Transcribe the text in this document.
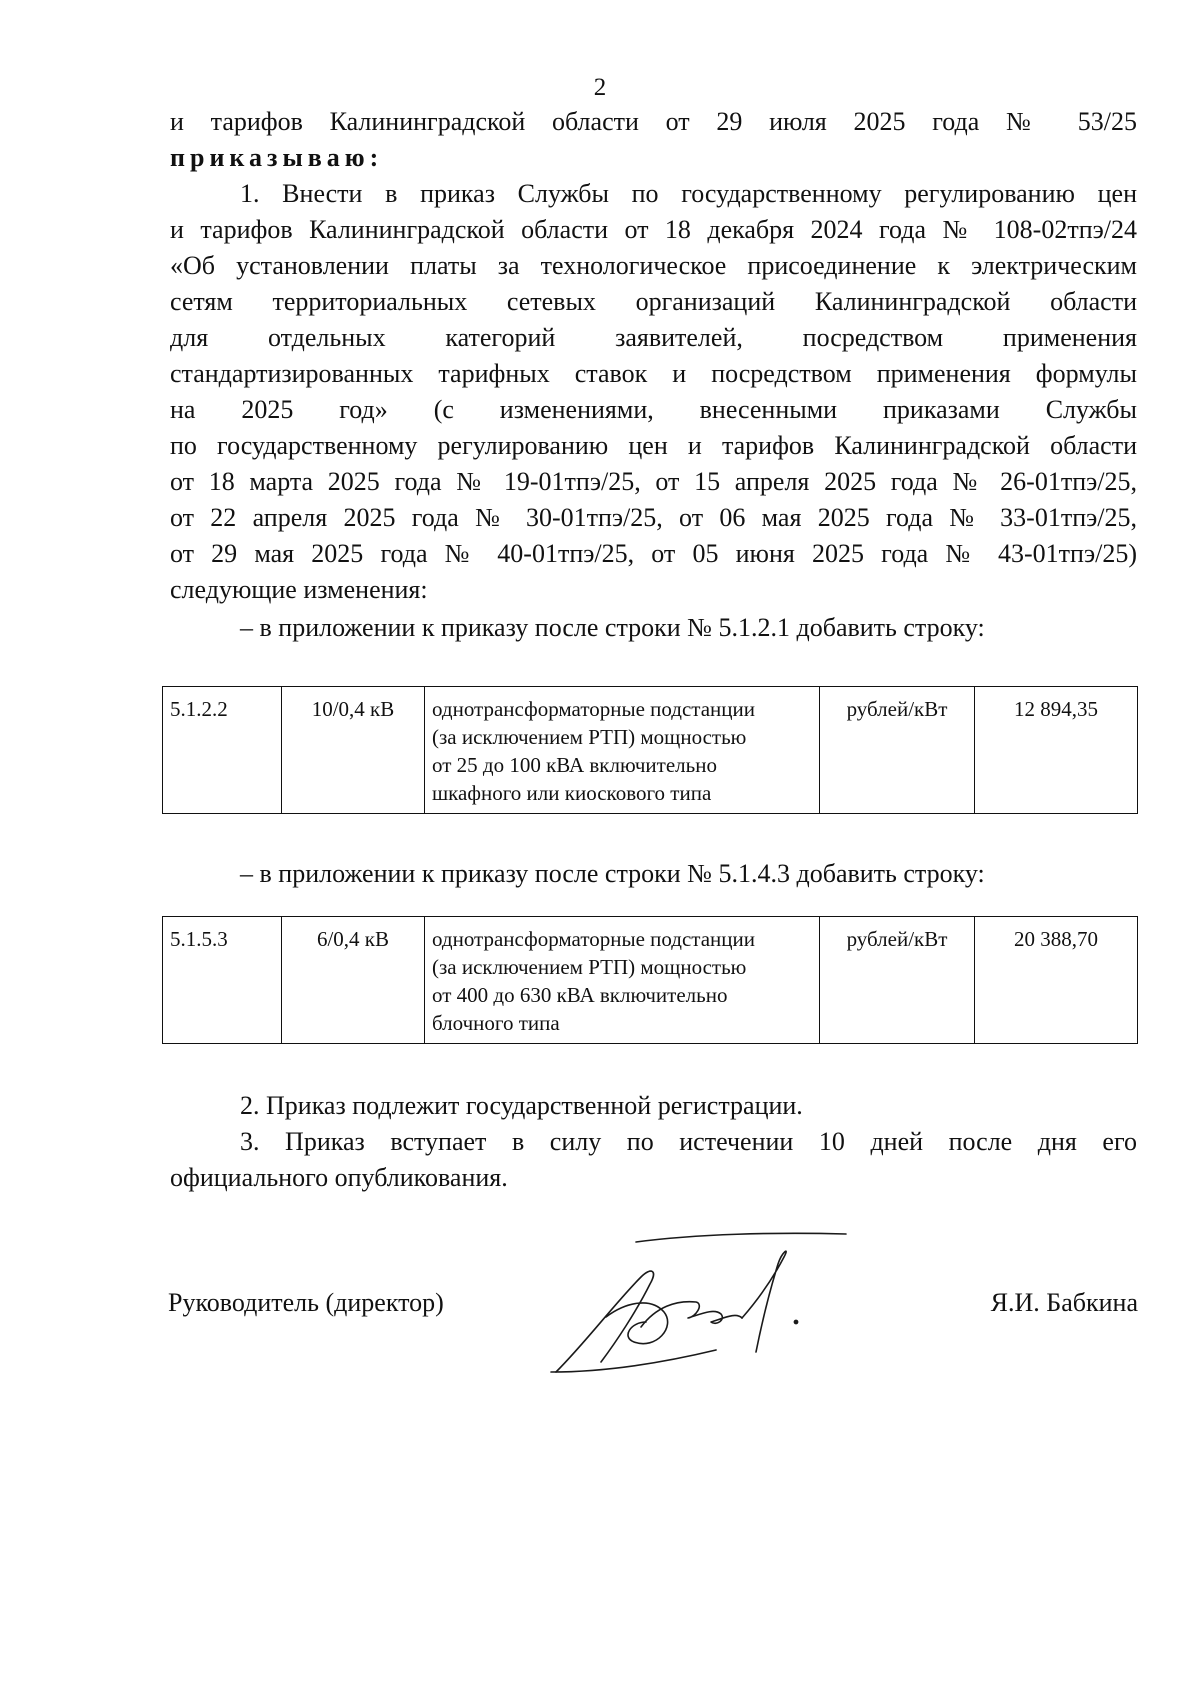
2

и тарифов Калининградской области от 29 июля 2025 года № 53/25

приказываю:

1. Внести в приказ Службы по государственному регулированию цен

и тарифов Калининградской области от 18 декабря 2024 года № 108-02тпэ/24

«Об установлении платы за технологическое присоединение к электрическим

сетям территориальных сетевых организаций Калининградской области

для отдельных категорий заявителей, посредством применения

стандартизированных тарифных ставок и посредством применения формулы

на 2025 год» (с изменениями, внесенными приказами Службы

по государственному регулированию цен и тарифов Калининградской области

от 18 марта 2025 года № 19-01тпэ/25, от 15 апреля 2025 года № 26-01тпэ/25,

от 22 апреля 2025 года № 30-01тпэ/25, от 06 мая 2025 года № 33-01тпэ/25,

от 29 мая 2025 года № 40-01тпэ/25, от 05 июня 2025 года № 43-01тпэ/25)

следующие изменения:

– в приложении к приказу после строки № 5.1.2.1 добавить строку:

5.1.2.2	10/0,4 кВ	однотрансформаторные подстанции
(за исключением РТП) мощностью
от 25 до 100 кВА включительно
шкафного или киоскового типа
	рублей/кВт	12 894,35

– в приложении к приказу после строки № 5.1.4.3 добавить строку:

5.1.5.3	6/0,4 кВ	однотрансформаторные подстанции
(за исключением РТП) мощностью
от 400 до 630 кВА включительно
блочного типа
	рублей/кВт	20 388,70

2. Приказ подлежит государственной регистрации.

3. Приказ вступает в силу по истечении 10 дней после дня его

официального опубликования.

Руководитель (директор)	Я.И. Бабкина
